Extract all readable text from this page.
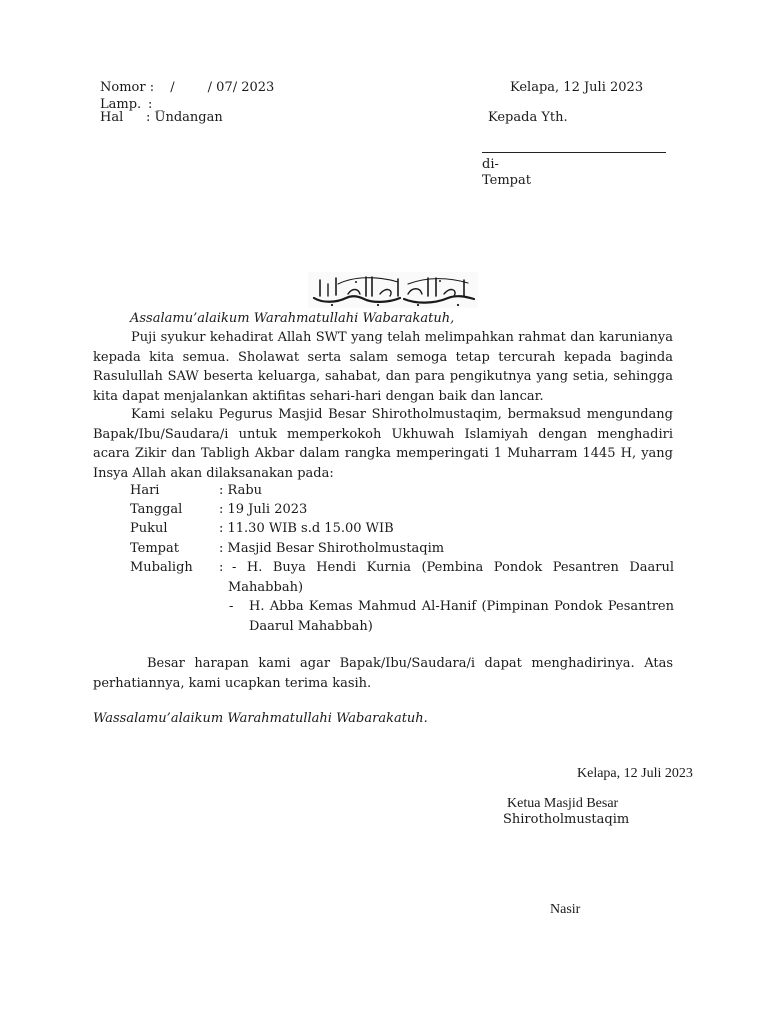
Nomor : /        / 07/ 2023
Lamp. : _
Hal : Undangan
Kelapa, 12 Juli 2023
Kepada Yth.
di-
Tempat
Assalamu’alaikum Warahmatullahi Wabarakatuh,

Puji syukur kehadirat Allah SWT yang telah melimpahkan rahmat dan karunianya kepada kita semua. Sholawat serta salam semoga tetap tercurah kepada baginda Rasulullah SAW beserta keluarga, sahabat, dan para pengikutnya yang setia, sehingga kita dapat menjalankan aktifitas sehari-hari dengan baik dan lancar.

Kami selaku Pegurus Masjid Besar Shirotholmustaqim, bermaksud mengundang Bapak/Ibu/Saudara/i untuk memperkokoh Ukhuwah Islamiyah dengan menghadiri acara Zikir dan Tabligh Akbar dalam rangka memperingati 1 Muharram 1445 H, yang Insya Allah akan dilaksanakan pada:

Hari	: Rabu
Tanggal	: 19 Juli 2023
Pukul	: 11.30 WIB s.d 15.00 WIB
Tempat	: Masjid Besar Shirotholmustaqim
Mubaligh : - H. Buya Hendi Kurnia (Pembina Pondok Pesantren Daarul Mahabbah)
- H. Abba Kemas Mahmud Al-Hanif (Pimpinan Pondok Pesantren Daarul Mahabbah)

Besar harapan kami agar Bapak/Ibu/Saudara/i dapat menghadirinya. Atas perhatiannya, kami ucapkan terima kasih.

Wassalamu’alaikum Warahmatullahi Wabarakatuh.
Kelapa, 12 Juli 2023
Ketua Masjid Besar
Shirotholmustaqim
Nasir
